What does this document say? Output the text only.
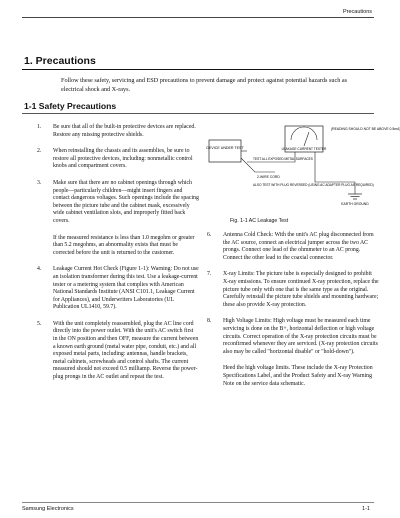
Precautions
1. Precautions

Follow these safety, servicing and ESD precautions to prevent damage and protect against potential hazards such as electrical shock and X-rays.

1-1 Safety Precautions
1. Be sure that all of the built-in protective devices are replaced. Restore any missing protective shields.

2. When reinstalling the chassis and its assemblies, be sure to restore all protective devices, including: nonmetallic control knobs and compartment covers.

3. Make sure that there are no cabinet openings through which people—particularly children—might insert fingers and contact dangerous voltages. Such openings include the spacing between the picture tube and the cabinet mask, excessively wide cabinet ventilation slots, and improperly fitted back covers.

If the measured resistance is less than 1.0 megohm or greater than 5.2 megohms, an abnormality exists that must be corrected before the unit is returned to the customer.

4. Leakage Current Hot Check (Figure 1-1): Warning: Do not use an isolation transformer during this test. Use a leakage-current tester or a metering system that complies with American National Standards Institute (ANSI C101.1, Leakage Current for Appliances), and Underwriters Laboratories (UL Publication UL1410, 59.7).

5. With the unit completely reassembled, plug the AC line cord directly into the power outlet. With the unit's AC switch first in the ON position and then OFF, measure the current between a known earth ground (metal water pipe, conduit, etc.) and all exposed metal parts, including: antennas, handle brackets, metal cabinets, screwheads and control shafts. The current measured should not exceed 0.5 milliamp. Reverse the power-plug prongs in the AC outlet and repeat the test.

DEVICE UNDER TEST	LEAKAGE CURRENT TESTER
(READING SHOULD NOT BE ABOVE 0.5mA)
TEST ALL EXPOSED METAL SURFACES
2-WIRE CORD
EARTH GROUND
ALSO TEST WITH PLUG REVERSED (USING AC ADAPTER PLUG AS REQUIRED)
Fig. 1-1 AC Leakage Test
6. Antenna Cold Check: With the unit's AC plug disconnected from the AC source, connect an electrical jumper across the two AC prongs. Connect one lead of the ohmmeter to an AC prong. Connect the other lead to the coaxial connector.

7. X-ray Limits: The picture tube is especially designed to prohibit X-ray emissions. To ensure continued X-ray protection, replace the picture tube only with one that is the same type as the original. Carefully reinstall the picture tube shields and mounting hardware; these also provide X-ray protection.

8. High Voltage Limits: High voltage must be measured each time servicing is done on the B+, horizontal deflection or high voltage circuits. Correct operation of the X-ray protection circuits must be reconfirmed whenever they are serviced. (X-ray protection circuits also may be called "horizontal disable" or "hold-down").

Heed the high voltage limits. These include the X-ray Protection Specifications Label, and the Product Safety and X-ray Warning Note on the service data schematic.

Samsung Electronics	1-1
